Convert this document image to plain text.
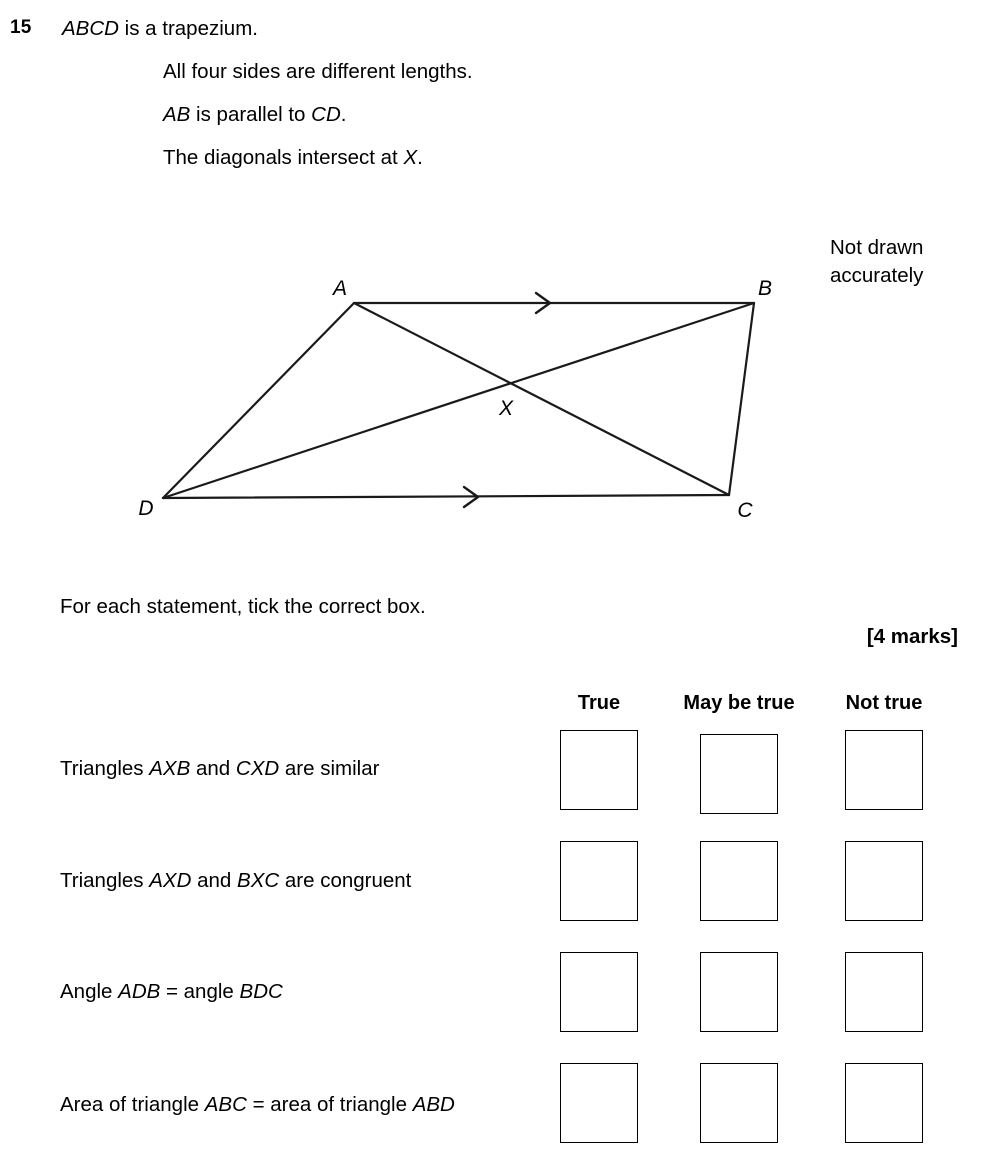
15 ABCD is a trapezium.
All four sides are different lengths.
AB is parallel to CD.
The diagonals intersect at X.
Not drawn
accurately
A	B
C
D
X
For each statement, tick the correct box.
[4 marks]
True	May be true	Not true
Triangles AXB and CXD are similar
Triangles AXD and BXC are congruent
Angle ADB = angle BDC
Area of triangle ABC = area of triangle ABD
